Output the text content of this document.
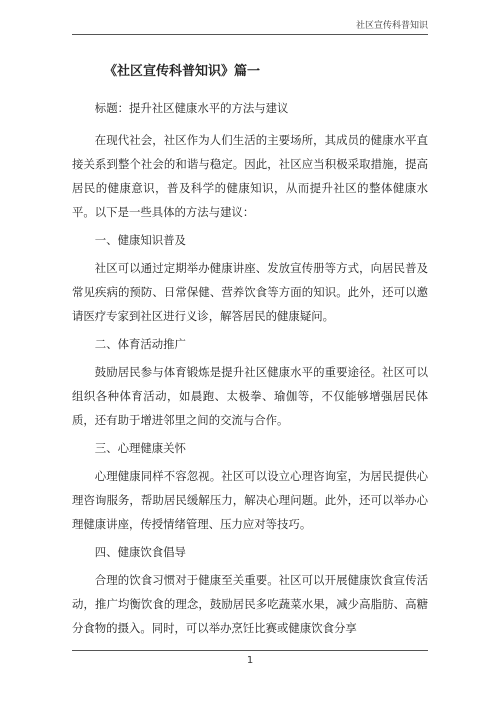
社区宣传科普知识
《社区宣传科普知识》篇一

标题：提升社区健康水平的方法与建议

在现代社会，社区作为人们生活的主要场所，其成员的健康水平直接关系到整个社会的和谐与稳定。因此，社区应当积极采取措施，提高居民的健康意识，普及科学的健康知识，从而提升社区的整体健康水平。以下是一些具体的方法与建议：

一、健康知识普及

社区可以通过定期举办健康讲座、发放宣传册等方式，向居民普及常见疾病的预防、日常保健、营养饮食等方面的知识。此外，还可以邀请医疗专家到社区进行义诊，解答居民的健康疑问。

二、体育活动推广

鼓励居民参与体育锻炼是提升社区健康水平的重要途径。社区可以组织各种体育活动，如晨跑、太极拳、瑜伽等，不仅能够增强居民体质，还有助于增进邻里之间的交流与合作。

三、心理健康关怀

心理健康同样不容忽视。社区可以设立心理咨询室，为居民提供心理咨询服务，帮助居民缓解压力，解决心理问题。此外，还可以举办心理健康讲座，传授情绪管理、压力应对等技巧。

四、健康饮食倡导

合理的饮食习惯对于健康至关重要。社区可以开展健康饮食宣传活动，推广均衡饮食的理念，鼓励居民多吃蔬菜水果，减少高脂肪、高糖分食物的摄入。同时，可以举办烹饪比赛或健康饮食分享

1
